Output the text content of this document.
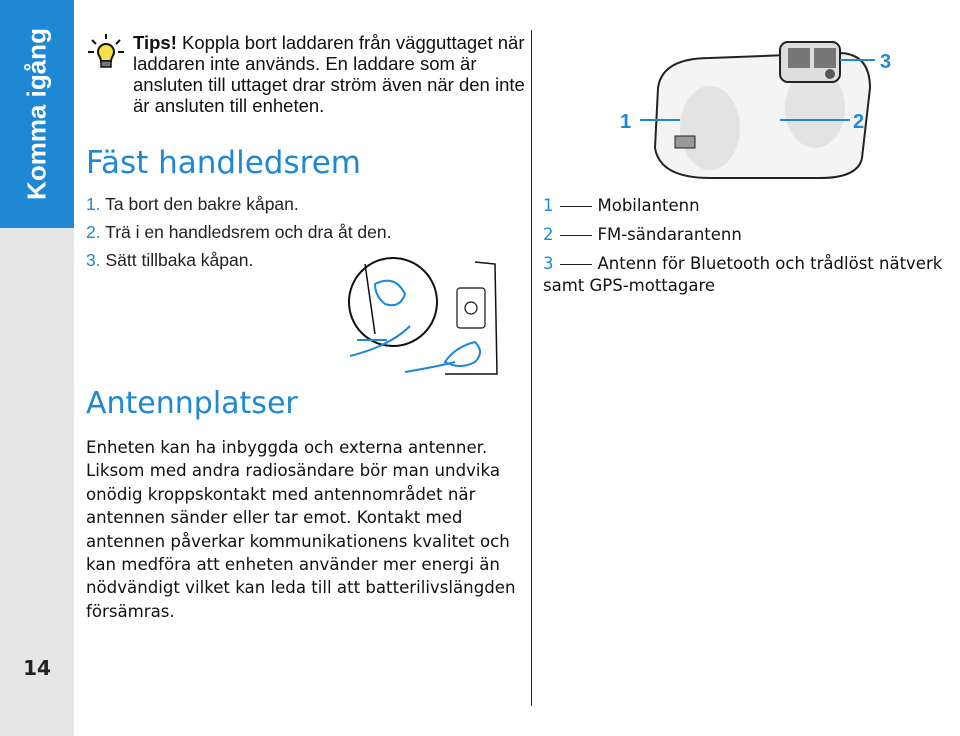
Komma igång
14
Tips! Koppla bort laddaren från vägguttaget när laddaren inte används. En laddare som är ansluten till uttaget drar ström även när den inte är ansluten till enheten.
Fäst handledsrem
1. Ta bort den bakre kåpan.
2. Trä i en handledsrem och dra åt den.
3. Sätt tillbaka kåpan.
1	2
3
1	Mobilantenn
2	FM-sändarantenn
3	Antenn för Bluetooth och trådlöst nätverk samt GPS-mottagare
Antennplatser
Enheten kan ha inbyggda och externa antenner. Liksom med andra radiosändare bör man undvika onödig kroppskontakt med antennområdet när antennen sänder eller tar emot. Kontakt med antennen påverkar kommunikationens kvalitet och kan medföra att enheten använder mer energi än nödvändigt vilket kan leda till att batterilivslängden försämras.
